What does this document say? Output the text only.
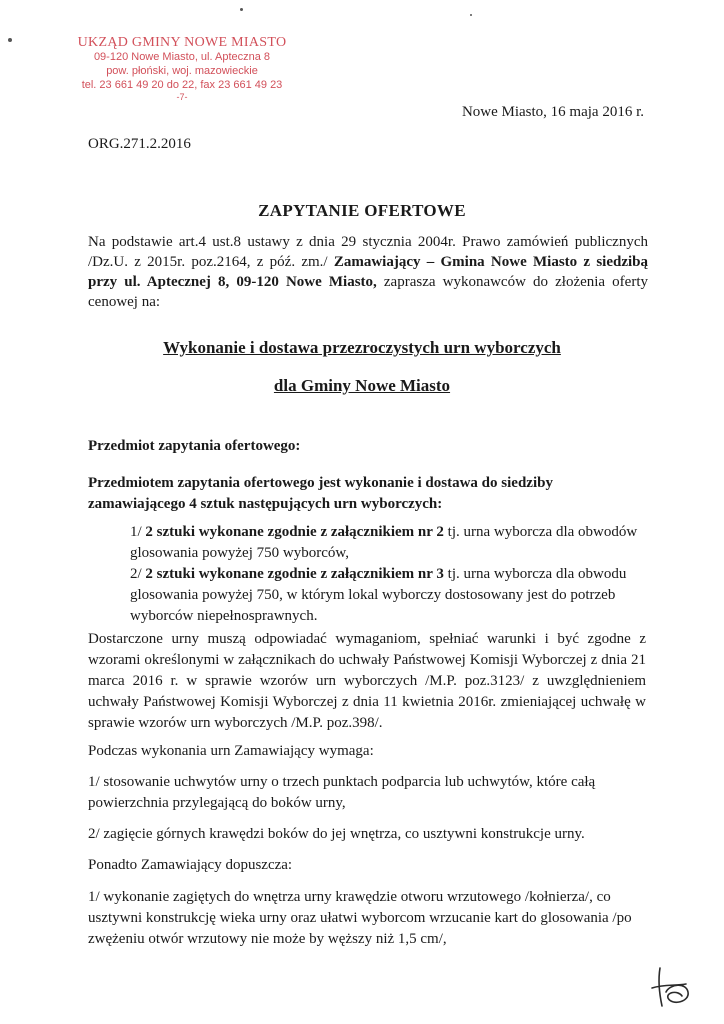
UKZĄD GMINY NOWE MIASTO
09-120 Nowe Miasto, ul. Apteczna 8
pow. płoński, woj. mazowieckie
tel. 23 661 49 20 do 22, fax 23 661 49 23
-7-
Nowe Miasto, 16 maja 2016 r.
ORG.271.2.2016
ZAPYTANIE OFERTOWE
Na podstawie art.4 ust.8 ustawy z dnia 29 stycznia 2004r. Prawo zamówień publicznych /Dz.U. z 2015r. poz.2164, z póź. zm./ Zamawiający – Gmina Nowe Miasto z siedzibą przy ul. Aptecznej 8, 09-120 Nowe Miasto, zaprasza wykonawców do złożenia oferty cenowej na:
Wykonanie i dostawa przezroczystych urn wyborczych
dla Gminy Nowe Miasto
Przedmiot zapytania ofertowego:
Przedmiotem zapytania ofertowego jest wykonanie i dostawa do siedziby zamawiającego 4 sztuk następujących urn wyborczych:
1/ 2 sztuki wykonane zgodnie z załącznikiem nr 2 tj. urna wyborcza dla obwodów glosowania powyżej 750 wyborców,
2/ 2 sztuki wykonane zgodnie z załącznikiem nr 3 tj. urna wyborcza dla obwodu glosowania powyżej 750, w którym lokal wyborczy dostosowany jest do potrzeb wyborców niepełnosprawnych.
Dostarczone urny muszą odpowiadać wymaganiom, spełniać warunki i być zgodne z wzorami określonymi w załącznikach do uchwały Państwowej Komisji Wyborczej z dnia 21 marca 2016 r. w sprawie wzorów urn wyborczych /M.P. poz.3123/ z uwzględnieniem uchwały Państwowej Komisji Wyborczej z dnia 11 kwietnia 2016r. zmieniającej uchwałę w sprawie wzorów urn wyborczych /M.P. poz.398/.
Podczas wykonania urn Zamawiający wymaga:
1/ stosowanie uchwytów urny o trzech punktach podparcia lub uchwytów, które całą powierzchnia przylegającą do boków urny,
2/ zagięcie górnych krawędzi boków do jej wnętrza, co usztywni konstrukcje urny.
Ponadto Zamawiający dopuszcza:
1/ wykonanie zagiętych do wnętrza urny krawędzie otworu wrzutowego /kołnierza/, co usztywni konstrukcję wieka urny oraz ułatwi wyborcom wrzucanie kart do glosowania /po zwężeniu otwór wrzutowy nie może by węższy niż 1,5 cm/,
